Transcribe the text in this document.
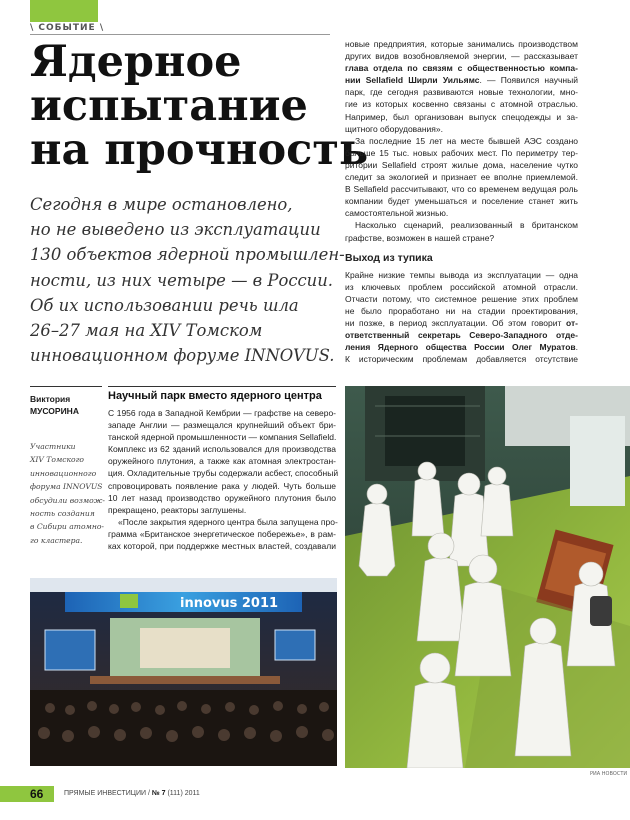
\ СОБЫТИЕ \
Ядерное
испытание
на прочность
Сегодня в мире остановлено,
но не выведено из эксплуатации
130 объектов ядерной промышлен-
ности, из них четыре — в России.
Об их использовании речь шла
26–27 мая на XIV Томском
инновационном форуме INNOVUS.
новые предприятия, которые занимались производством
других видов возобновляемой энергии, — рассказывает
глава отдела по связям с общественностью компа-
нии Sellafield Ширли Уильямс. — Появился научный
парк, где сегодня развиваются новые технологии, мно-
гие из которых косвенно связаны с атомной отраслью.
Например, был организован выпуск спецодежды и за-
щитного оборудования».
За последние 15 лет на месте бывшей АЭС создано
больше 15 тыс. новых рабочих мест. По периметру тер-
ритории Sellafield строят жилые дома, население чутко
следит за экологией и признает ее вполне приемлемой.
В Sellafield рассчитывают, что со временем ведущая роль
компании будет уменьшаться и поселение станет жить
самостоятельной жизнью.
Насколько сценарий, реализованный в британском
графстве, возможен в нашей стране?
Выход из тупика
Крайне низкие темпы вывода из эксплуатации — одна
из ключевых проблем российской атомной отрасли.
Отчасти потому, что системное решение этих проблем
не было проработано ни на стадии проектирования,
ни позже, в период эксплуатации. Об этом говорит от-
ответственный секретарь Северо-Западного отде-
ления Ядерного общества России Олег Муратов.
К историческим проблемам добавляется отсутствие
Виктория
МУСОРИНА
Участники
XIV Томского
инновационного
форума INNOVUS
обсудили возмож-
ность создания
в Сибири атомно-
го кластера.
Научный парк вместо ядерного центра
С 1956 года в Западной Кембрии — графстве на северо-
западе Англии — размещался крупнейший объект бри-
танской ядерной промышленности — компания Sellafield.
Комплекс из 62 зданий использовался для производства
оружейного плутония, а также как атомная электростан-
ция. Охладительные трубы содержали асбест, способный
спровоцировать появление рака у людей. Чуть больше
10 лет назад производство оружейного плутония было
прекращено, реакторы заглушены.
«После закрытия ядерного центра была запущена про-
грамма «Британское энергетическое побережье», в рам-
ках которой, при поддержке местных властей, создавали
innovus 2011
РИА НОВОСТИ
66	ПРЯМЫЕ ИНВЕСТИЦИИ / № 7 (111) 2011
